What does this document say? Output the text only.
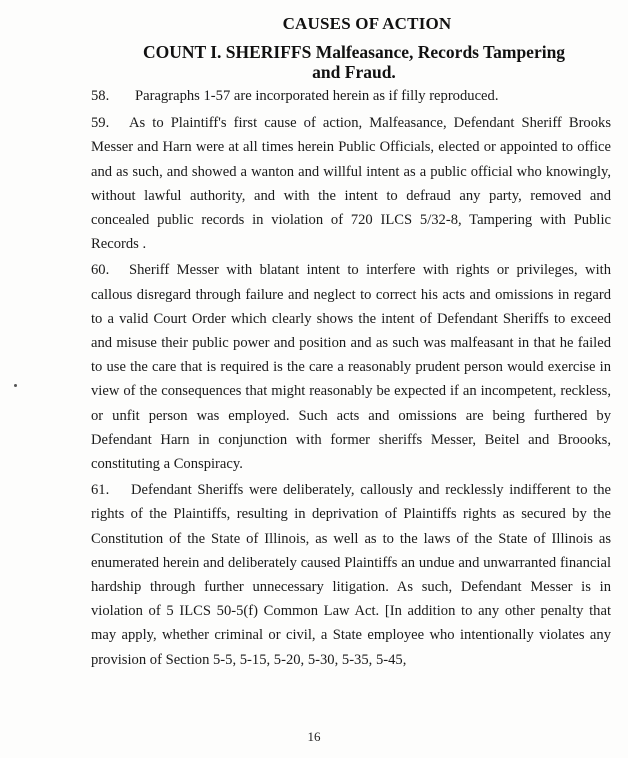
CAUSES OF ACTION
COUNT I. SHERIFFS Malfeasance, Records Tampering
and Fraud.

58. Paragraphs 1-57 are incorporated herein as if filly reproduced.

59. As to Plaintiff's first cause of action, Malfeasance, Defendant Sheriff Brooks Messer and Harn were at all times herein Public Officials, elected or appointed to office and as such, and showed a wanton and willful intent as a public official who knowingly, without lawful authority, and with the intent to defraud any party, removed and concealed public records in violation of 720 ILCS 5/32-8, Tampering with Public Records .

60. Sheriff Messer with blatant intent to interfere with rights or privileges, with callous disregard through failure and neglect to correct his acts and omissions in regard to a valid Court Order which clearly shows the intent of Defendant Sheriffs to exceed and misuse their public power and position and as such was malfeasant in that he failed to use the care that is required is the care a reasonably prudent person would exercise in view of the consequences that might reasonably be expected if an incompetent, reckless, or unfit person was employed. Such acts and omissions are being furthered by Defendant Harn in conjunction with former sheriffs Messer, Beitel and Broooks, constituting a Conspiracy.

61. Defendant Sheriffs were deliberately, callously and recklessly indifferent to the rights of the Plaintiffs, resulting in deprivation of Plaintiffs rights as secured by the Constitution of the State of Illinois, as well as to the laws of the State of Illinois as enumerated herein and deliberately caused Plaintiffs an undue and unwarranted financial hardship through further unnecessary litigation. As such, Defendant Messer is in violation of 5 ILCS 50-5(f) Common Law Act. [In addition to any other penalty that may apply, whether criminal or civil, a State employee who intentionally violates any provision of Section 5-5, 5-15, 5-20, 5-30, 5-35, 5-45,

16
